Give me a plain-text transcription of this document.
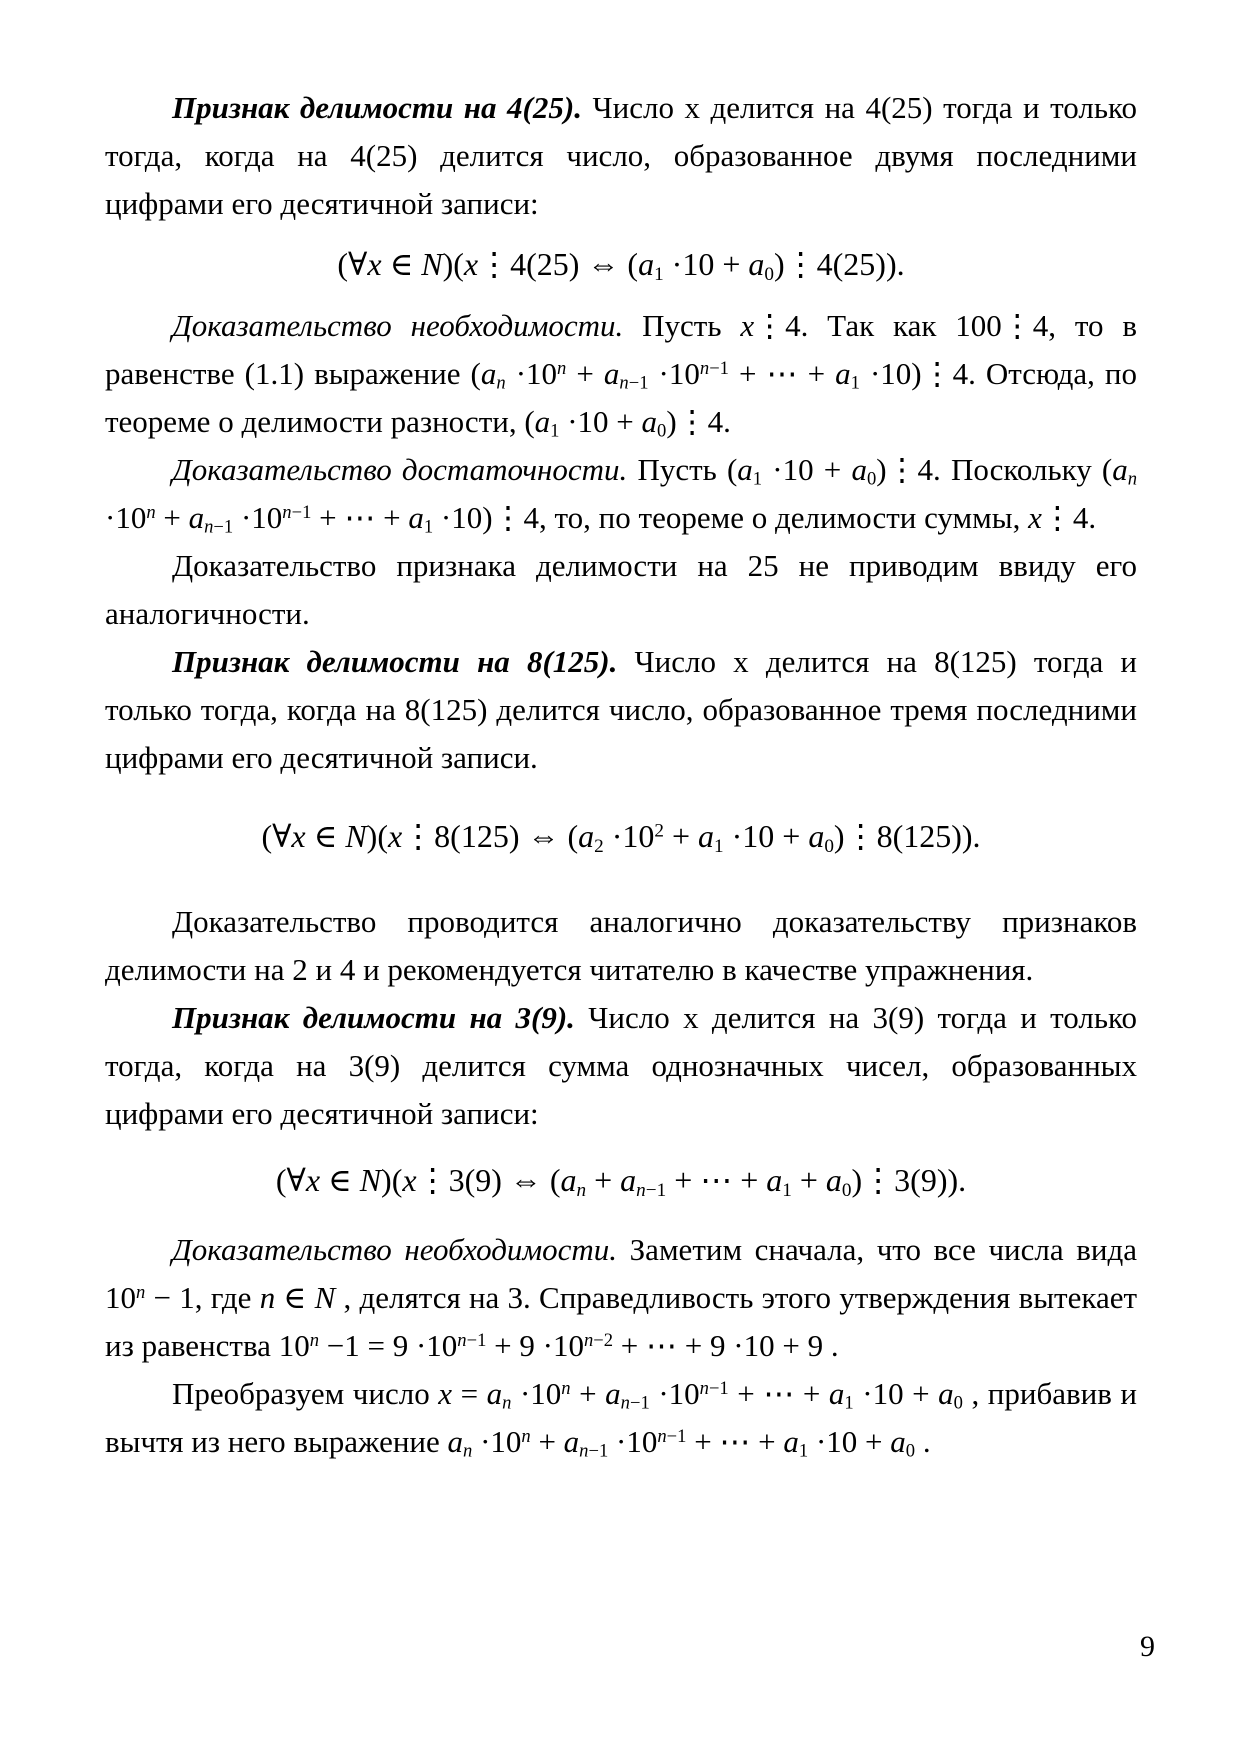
Признак делимости на 4(25). Число х делится на 4(25) тогда и только тогда, когда на 4(25) делится число, образованное двумя последними цифрами его десятичной записи:

(∀x ∈ N)(x⋮4(25) ⇔ ($a_1 \cdot 10$ + $a_0)⋮4(25)$).

Доказательство необходимости. Пусть x⋮4. Так как 100⋮4, то в равенстве (1.1) выражение ($a_n \cdot 10^n + a_{n-1} \cdot 10^{n-1}$ + ⋯ + $a_1$ ·10)⋮4. Отсюда, по теореме о делимости разности, ($a_1 \cdot 10$ + $a_0)⋮4$.

Доказательство достаточности. Пусть ($a_1 \cdot 10$ + $a_0)⋮4$. Поскольку ($a_n \cdot 10^n + a_{n-1} \cdot 10^{n-1}$ + ⋯ + $a_1$ ·10)⋮4, то, по теореме о делимости суммы, x⋮4.

Доказательство признака делимости на 25 не приводим ввиду его аналогичности.

Признак делимости на 8(125). Число х делится на 8(125) тогда и только тогда, когда на 8(125) делится число, образованное тремя последними цифрами его десятичной записи.

(∀x ∈ N)(x⋮8(125) ⇔ ($a_2 \cdot 10^2 + a_1 \cdot 10$ + $a_0)⋮8(125)$).

Доказательство проводится аналогично доказательству признаков делимости на 2 и 4 и рекомендуется читателю в качестве упражнения.

Признак делимости на 3(9). Число х делится на 3(9) тогда и только тогда, когда на 3(9) делится сумма однозначных чисел, образованных цифрами его десятичной записи:

(∀x ∈ N)(x⋮3(9) ⇔ ($a_n + a_{n-1}$ + ⋯ + $a_1$ + $a_0)⋮3(9)$).

Доказательство необходимости. Заметим сначала, что все числа вида $10^n - 1$, где n ∈ N , делятся на 3. Справедливость этого утверждения вытекает из равенства $10^n -1 = 9 \cdot 10^{n-1} + 9 \cdot 10^{n-2}$ + ⋯ + 9 ·10 + 9 .

Преобразуем число $x = a_n \cdot 10^n + a_{n-1} \cdot 10^{n-1}$ + ⋯ + $a_1 \cdot 10 + a_0$ , прибавив и вычтя из него выражение $a_n \cdot 10^n + a_{n-1} \cdot 10^{n-1}$ + ⋯ + $a_1 \cdot 10 + a_0$ .

9
